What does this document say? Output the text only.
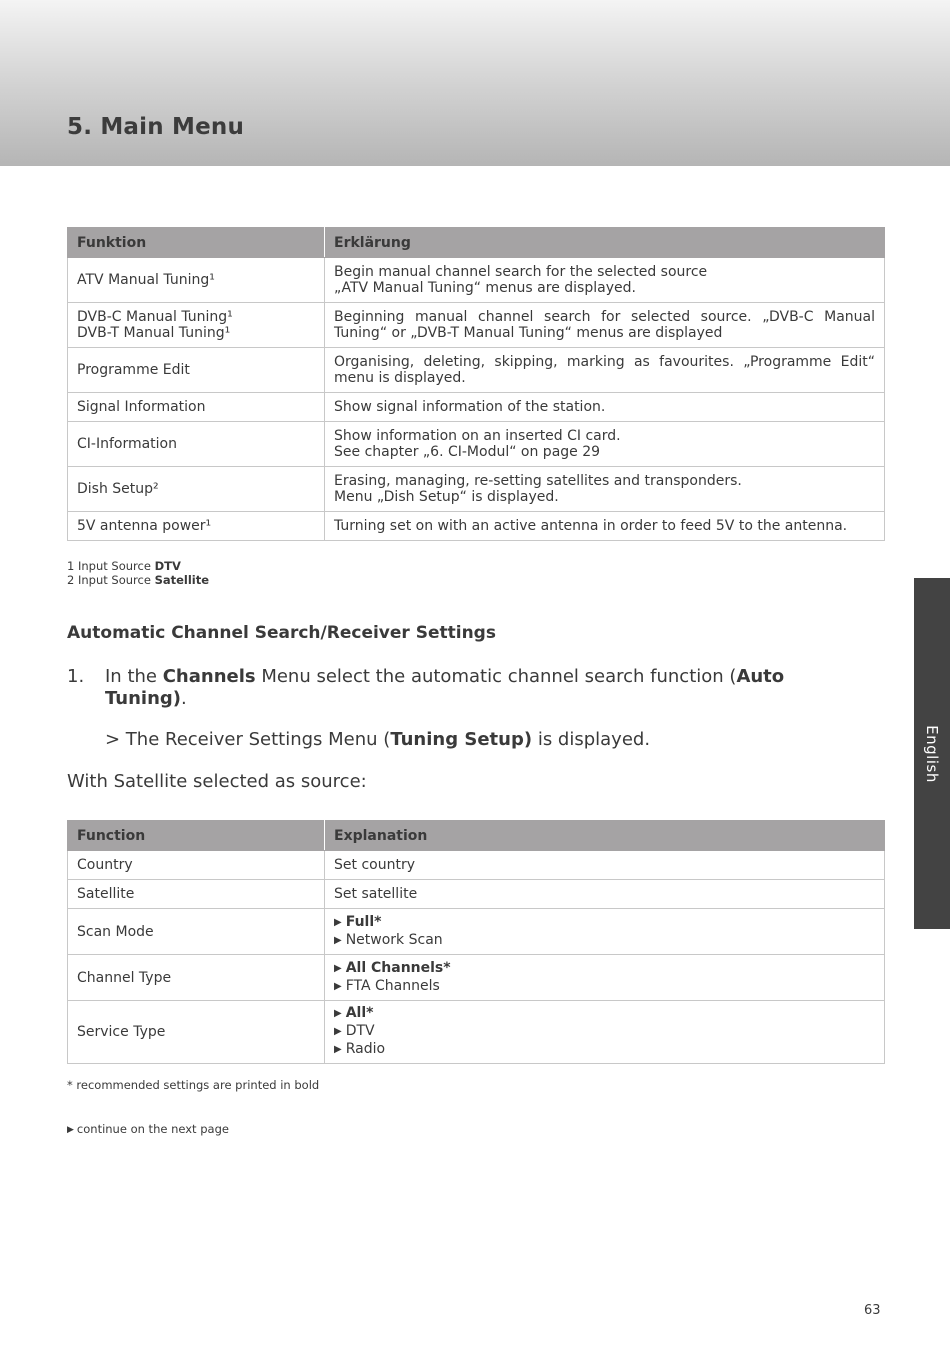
5. Main Menu
Funktion	Erklärung
ATV Manual Tuning¹	Begin manual channel search for the selected source
„ATV Manual Tuning“ menus are displayed.
DVB-C Manual Tuning¹
DVB-T Manual Tuning¹	Beginning manual channel search for selected source. „DVB-C Manual Tuning“ or „DVB-T Manual Tuning“ menus are displayed
Programme Edit	Organising, deleting, skipping, marking as favourites. „Programme Edit“ menu is displayed.
Signal Information	Show signal information of the station.
CI-Information	Show information on an inserted CI card.
See chapter „6. CI-Modul“ on page 29
Dish Setup²	Erasing, managing, re-setting satellites and transponders.
Menu „Dish Setup“ is displayed.
5V antenna power¹	Turning set on with an active antenna in order to feed 5V to the antenna.
1 Input Source DTV
2 Input Source Satellite
Automatic Channel Search/Receiver Settings
1. In the Channels Menu select the automatic channel search function (Auto Tuning).
> The Receiver Settings Menu (Tuning Setup) is displayed.
With Satellite selected as source:
Function	Explanation
Country	Set country
Satellite	Set satellite
Scan Mode	▶ Full*
▶ Network Scan

Channel Type	▶ All Channels*
▶ FTA Channels

Service Type	▶ All*
▶ DTV
▶ Radio
* recommended settings are printed in bold
▶ continue on the next page
English
63
